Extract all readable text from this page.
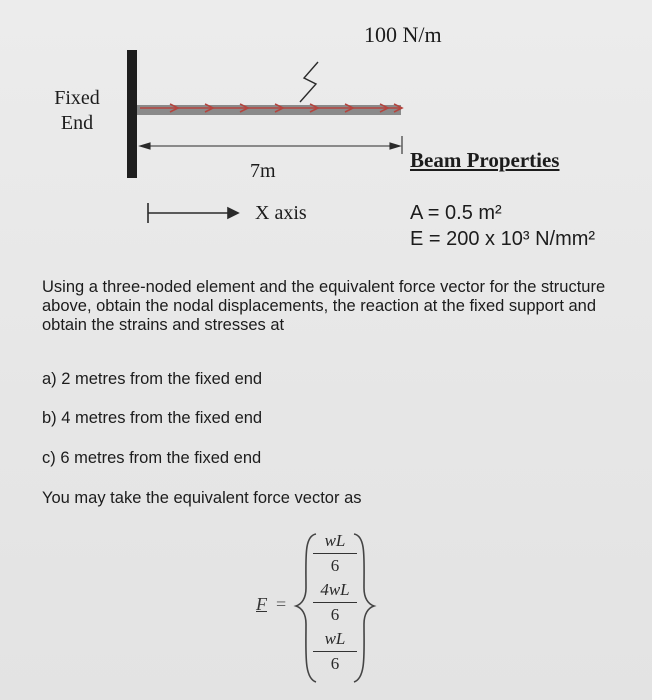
100 N/m
Fixed
End
7m
X axis
Beam Properties
A = 0.5 m²
E = 200 x 10³ N/mm²
Using a three-noded element and the equivalent force vector for the structure above, obtain the nodal displacements, the reaction at the fixed support and obtain the strains and stresses at
a) 2 metres from the fixed end
b) 4 metres from the fixed end
c) 6 metres from the fixed end
You may take the equivalent force vector as
F =
wL
6
4wL
6
wL
6
